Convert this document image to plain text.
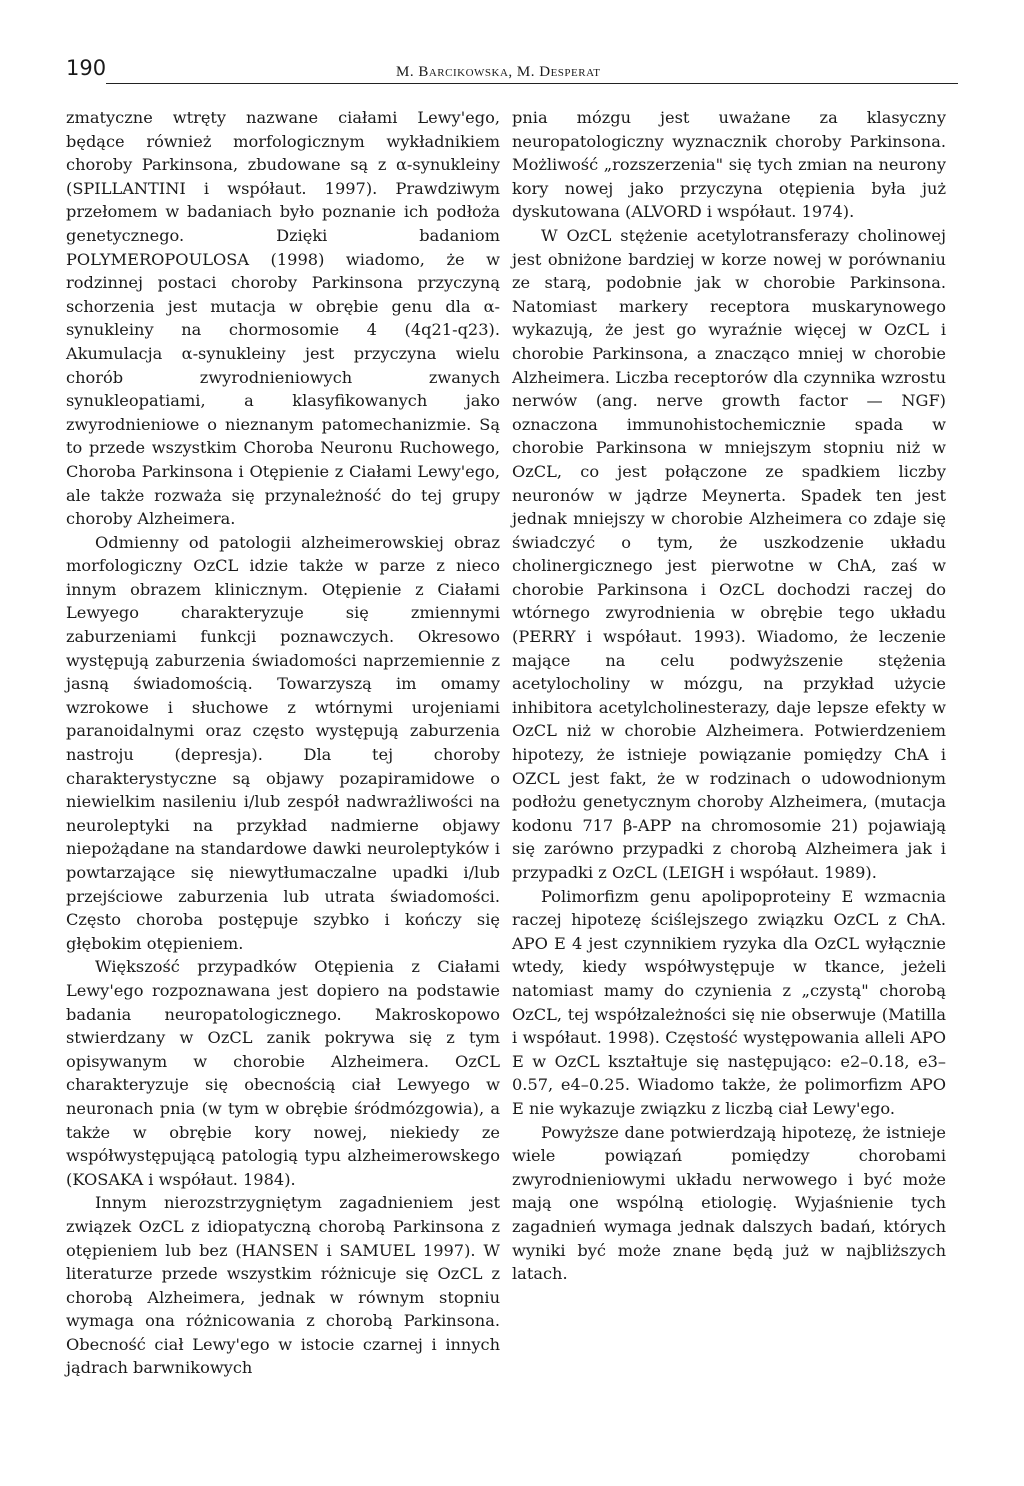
190	M. Barcikowska, M. Desperat

zmatyczne wtręty nazwane ciałami Lewy'ego, będące również morfologicznym wykładnikiem choroby Parkinsona, zbudowane są z α-synukleiny (SPILLANTINI i współaut. 1997). Prawdziwym przełomem w badaniach było poznanie ich podłoża genetycznego. Dzięki badaniom POLYMEROPOULOSA (1998) wiadomo, że w rodzinnej postaci choroby Parkinsona przyczyną schorzenia jest mutacja w obrębie genu dla α-synukleiny na chormosomie 4 (4q21-q23). Akumulacja α-synukleiny jest przyczyna wielu chorób zwyrodnieniowych zwanych synukleopatiami, a klasyfikowanych jako zwyrodnieniowe o nieznanym patomechanizmie. Są to przede wszystkim Choroba Neuronu Ruchowego, Choroba Parkinsona i Otępienie z Ciałami Lewy'ego, ale także rozważa się przynależność do tej grupy choroby Alzheimera.

Odmienny od patologii alzheimerowskiej obraz morfologiczny OzCL idzie także w parze z nieco innym obrazem klinicznym. Otępienie z Ciałami Lewyego charakteryzuje się zmiennymi zaburzeniami funkcji poznawczych. Okresowo występują zaburzenia świadomości naprzemiennie z jasną świadomością. Towarzyszą im omamy wzrokowe i słuchowe z wtórnymi urojeniami paranoidalnymi oraz często występują zaburzenia nastroju (depresja). Dla tej choroby charakterystyczne są objawy pozapiramidowe o niewielkim nasileniu i/lub zespół nadwrażliwości na neuroleptyki na przykład nadmierne objawy niepożądane na standardowe dawki neuroleptyków i powtarzające się niewytłumaczalne upadki i/lub przejściowe zaburzenia lub utrata świadomości. Często choroba postępuje szybko i kończy się głębokim otępieniem.

Większość przypadków Otępienia z Ciałami Lewy'ego rozpoznawana jest dopiero na podstawie badania neuropatologicznego. Makroskopowo stwierdzany w OzCL zanik pokrywa się z tym opisywanym w chorobie Alzheimera. OzCL charakteryzuje się obecnością ciał Lewyego w neuronach pnia (w tym w obrębie śródmózgowia), a także w obrębie kory nowej, niekiedy ze współwystępującą patologią typu alzheimerowskego (KOSAKA i współaut. 1984).

Innym nierozstrzygniętym zagadnieniem jest związek OzCL z idiopatyczną chorobą Parkinsona z otępieniem lub bez (HANSEN i SAMUEL 1997). W literaturze przede wszystkim różnicuje się OzCL z chorobą Alzheimera, jednak w równym stopniu wymaga ona różnicowania z chorobą Parkinsona. Obecność ciał Lewy'ego w istocie czarnej i innych jądrach barwnikowych

pnia mózgu jest uważane za klasyczny neuropatologiczny wyznacznik choroby Parkinsona. Możliwość „rozszerzenia" się tych zmian na neurony kory nowej jako przyczyna otępienia była już dyskutowana (ALVORD i współaut. 1974).

W OzCL stężenie acetylotransferazy cholinowej jest obniżone bardziej w korze nowej w porównaniu ze starą, podobnie jak w chorobie Parkinsona. Natomiast markery receptora muskarynowego wykazują, że jest go wyraźnie więcej w OzCL i chorobie Parkinsona, a znacząco mniej w chorobie Alzheimera. Liczba receptorów dla czynnika wzrostu nerwów (ang. nerve growth factor — NGF) oznaczona immunohistochemicznie spada w chorobie Parkinsona w mniejszym stopniu niż w OzCL, co jest połączone ze spadkiem liczby neuronów w jądrze Meynerta. Spadek ten jest jednak mniejszy w chorobie Alzheimera co zdaje się świadczyć o tym, że uszkodzenie układu cholinergicznego jest pierwotne w ChA, zaś w chorobie Parkinsona i OzCL dochodzi raczej do wtórnego zwyrodnienia w obrębie tego układu (PERRY i współaut. 1993). Wiadomo, że leczenie mające na celu podwyższenie stężenia acetylocholiny w mózgu, na przykład użycie inhibitora acetylcholinesterazy, daje lepsze efekty w OzCL niż w chorobie Alzheimera. Potwierdzeniem hipotezy, że istnieje powiązanie pomiędzy ChA i OZCL jest fakt, że w rodzinach o udowodnionym podłożu genetycznym choroby Alzheimera, (mutacja kodonu 717 β-APP na chromosomie 21) pojawiają się zarówno przypadki z chorobą Alzheimera jak i przypadki z OzCL (LEIGH i współaut. 1989).

Polimorfizm genu apolipoproteiny E wzmacnia raczej hipotezę ściślejszego związku OzCL z ChA. APO E 4 jest czynnikiem ryzyka dla OzCL wyłącznie wtedy, kiedy współwystępuje w tkance, jeżeli natomiast mamy do czynienia z „czystą" chorobą OzCL, tej współzależności się nie obserwuje (Matilla i współaut. 1998). Częstość występowania alleli APO E w OzCL kształtuje się następująco: e2–0.18, e3–0.57, e4–0.25. Wiadomo także, że polimorfizm APO E nie wykazuje związku z liczbą ciał Lewy'ego.

Powyższe dane potwierdzają hipotezę, że istnieje wiele powiązań pomiędzy chorobami zwyrodnieniowymi układu nerwowego i być może mają one wspólną etiologię. Wyjaśnienie tych zagadnień wymaga jednak dalszych badań, których wyniki być może znane będą już w najbliższych latach.
